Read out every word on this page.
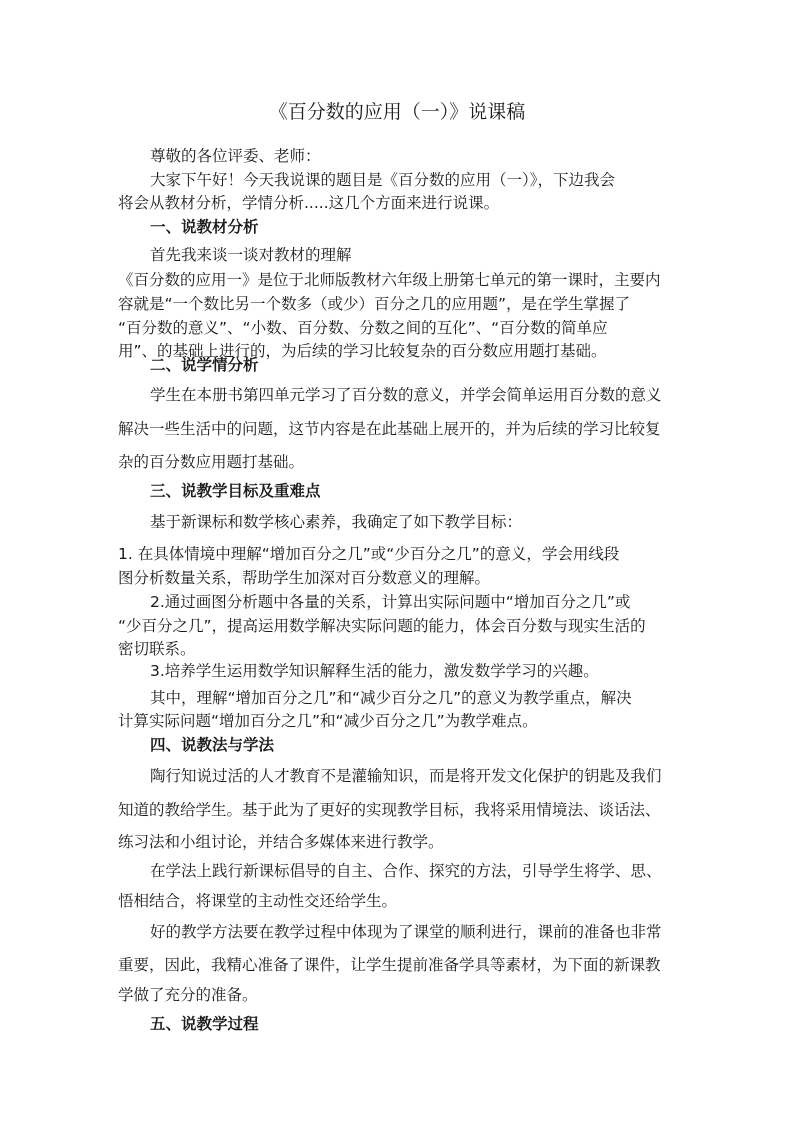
《百分数的应用（一）》说课稿
尊敬的各位评委、老师：
大家下午好！今天我说课的题目是《百分数的应用（一）》，下边我会
将会从教材分析，学情分析.....这几个方面来进行说课。
一、说教材分析
首先我来谈一谈对教材的理解
《百分数的应用一》是位于北师版教材六年级上册第七单元的第一课时，主要内
容就是“一个数比另一个数多（或少）百分之几的应用题”，是在学生掌握了
“百分数的意义”、“小数、百分数、分数之间的互化”、“百分数的简单应
用”、的基础上进行的，为后续的学习比较复杂的百分数应用题打基础。
二、说学情分析
学生在本册书第四单元学习了百分数的意义，并学会简单运用百分数的意义
解决一些生活中的问题，这节内容是在此基础上展开的，并为后续的学习比较复
杂的百分数应用题打基础。
三、说教学目标及重难点
基于新课标和数学核心素养，我确定了如下教学目标：
1. 在具体情境中理解“增加百分之几”或“少百分之几”的意义，学会用线段
图分析数量关系，帮助学生加深对百分数意义的理解。
2.通过画图分析题中各量的关系，计算出实际问题中“增加百分之几”或
“少百分之几”，提高运用数学解决实际问题的能力，体会百分数与现实生活的
密切联系。
3.培养学生运用数学知识解释生活的能力，激发数学学习的兴趣。
其中，理解“增加百分之几”和“减少百分之几”的意义为教学重点，解决
计算实际问题“增加百分之几”和“减少百分之几”为教学难点。
四、说教法与学法
陶行知说过活的人才教育不是灌输知识，而是将开发文化保护的钥匙及我们
知道的教给学生。基于此为了更好的实现教学目标，我将采用情境法、谈话法、
练习法和小组讨论，并结合多媒体来进行教学。
在学法上践行新课标倡导的自主、合作、探究的方法，引导学生将学、思、
悟相结合，将课堂的主动性交还给学生。
好的教学方法要在教学过程中体现为了课堂的顺利进行，课前的准备也非常
重要，因此，我精心准备了课件，让学生提前准备学具等素材，为下面的新课教
学做了充分的准备。
五、说教学过程
